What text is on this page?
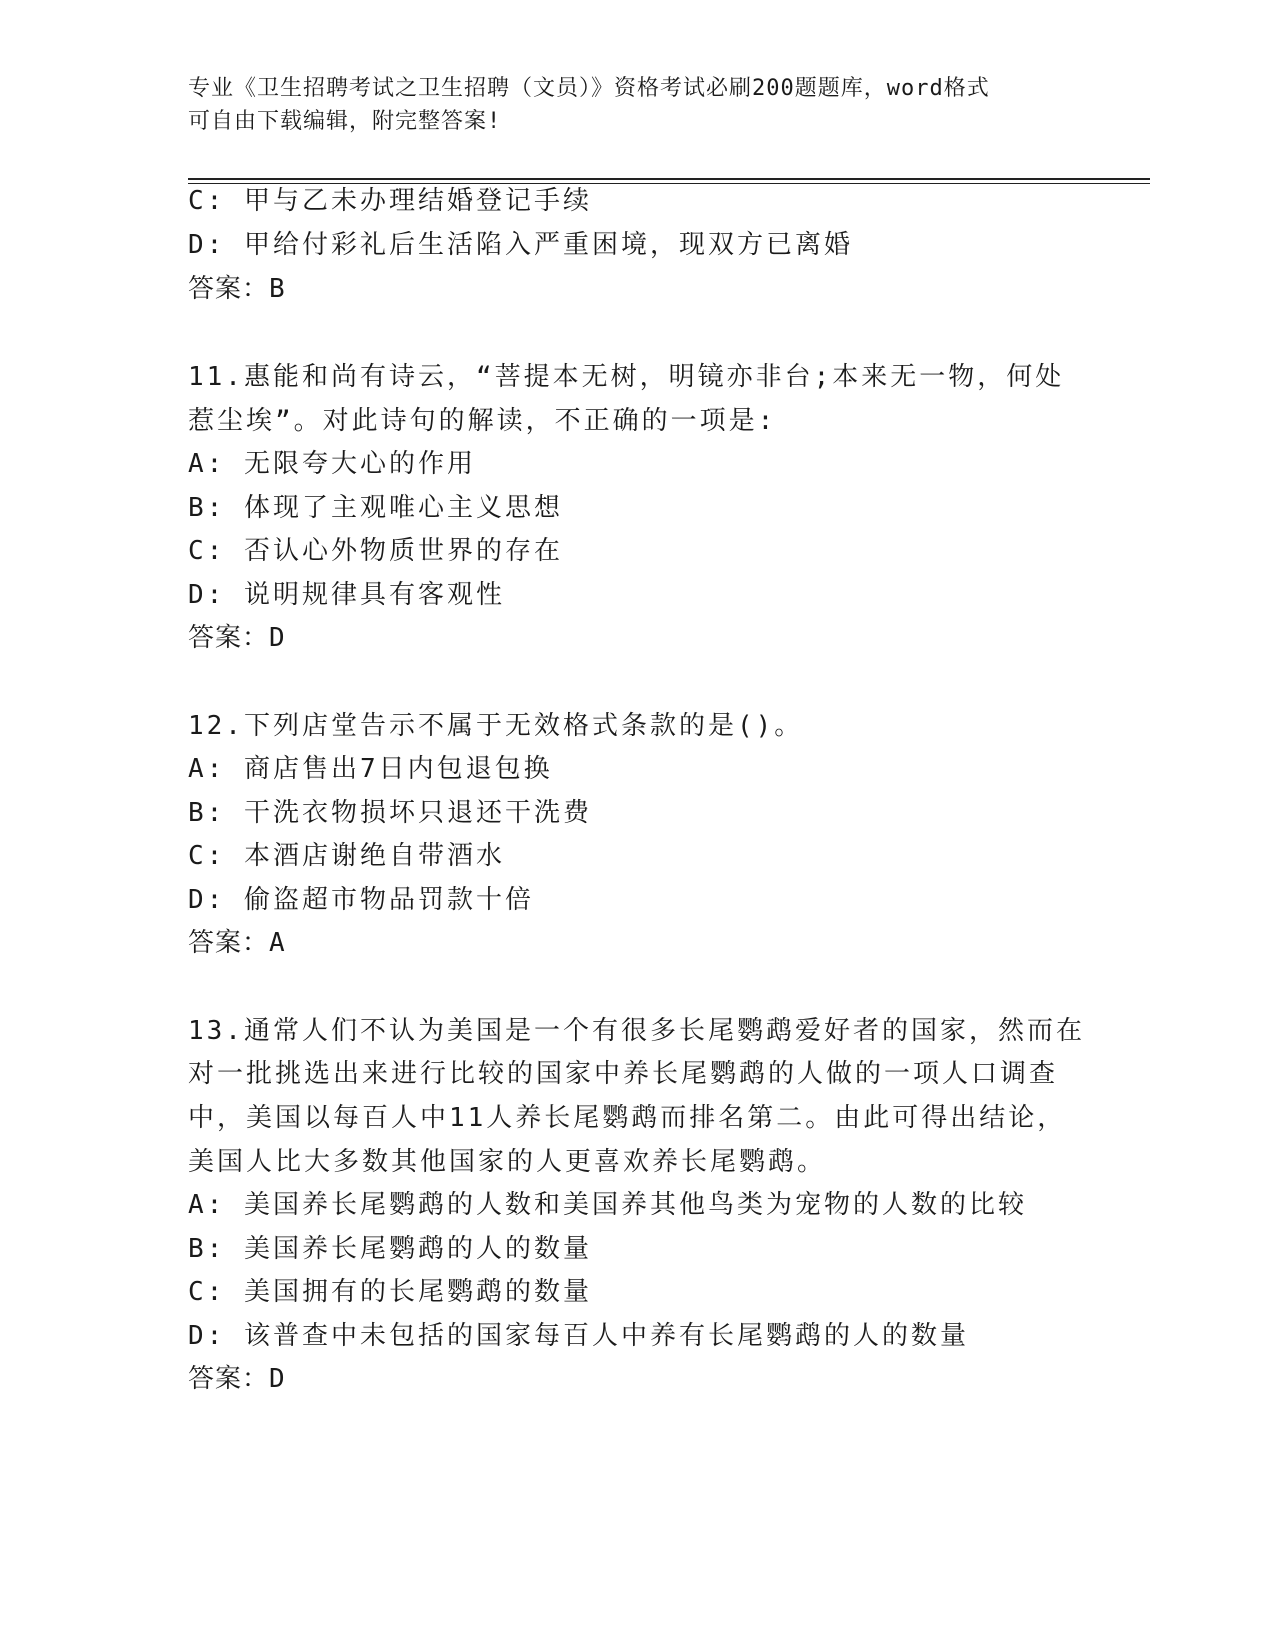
专业《卫生招聘考试之卫生招聘（文员）》资格考试必刷200题题库，word格式
可自由下载编辑，附完整答案!
C: 甲与乙未办理结婚登记手续
D: 甲给付彩礼后生活陷入严重困境，现双方已离婚
答案：B
11.惠能和尚有诗云，“菩提本无树，明镜亦非台;本来无一物，何处
惹尘埃”。对此诗句的解读，不正确的一项是:
A: 无限夸大心的作用
B: 体现了主观唯心主义思想
C: 否认心外物质世界的存在
D: 说明规律具有客观性
答案：D
12.下列店堂告示不属于无效格式条款的是()。
A: 商店售出7日内包退包换
B: 干洗衣物损坏只退还干洗费
C: 本酒店谢绝自带酒水
D: 偷盗超市物品罚款十倍
答案：A
13.通常人们不认为美国是一个有很多长尾鹦鹉爱好者的国家，然而在
对一批挑选出来进行比较的国家中养长尾鹦鹉的人做的一项人口调查
中，美国以每百人中11人养长尾鹦鹉而排名第二。由此可得出结论，
美国人比大多数其他国家的人更喜欢养长尾鹦鹉。
A: 美国养长尾鹦鹉的人数和美国养其他鸟类为宠物的人数的比较
B: 美国养长尾鹦鹉的人的数量
C: 美国拥有的长尾鹦鹉的数量
D: 该普查中未包括的国家每百人中养有长尾鹦鹉的人的数量
答案：D
